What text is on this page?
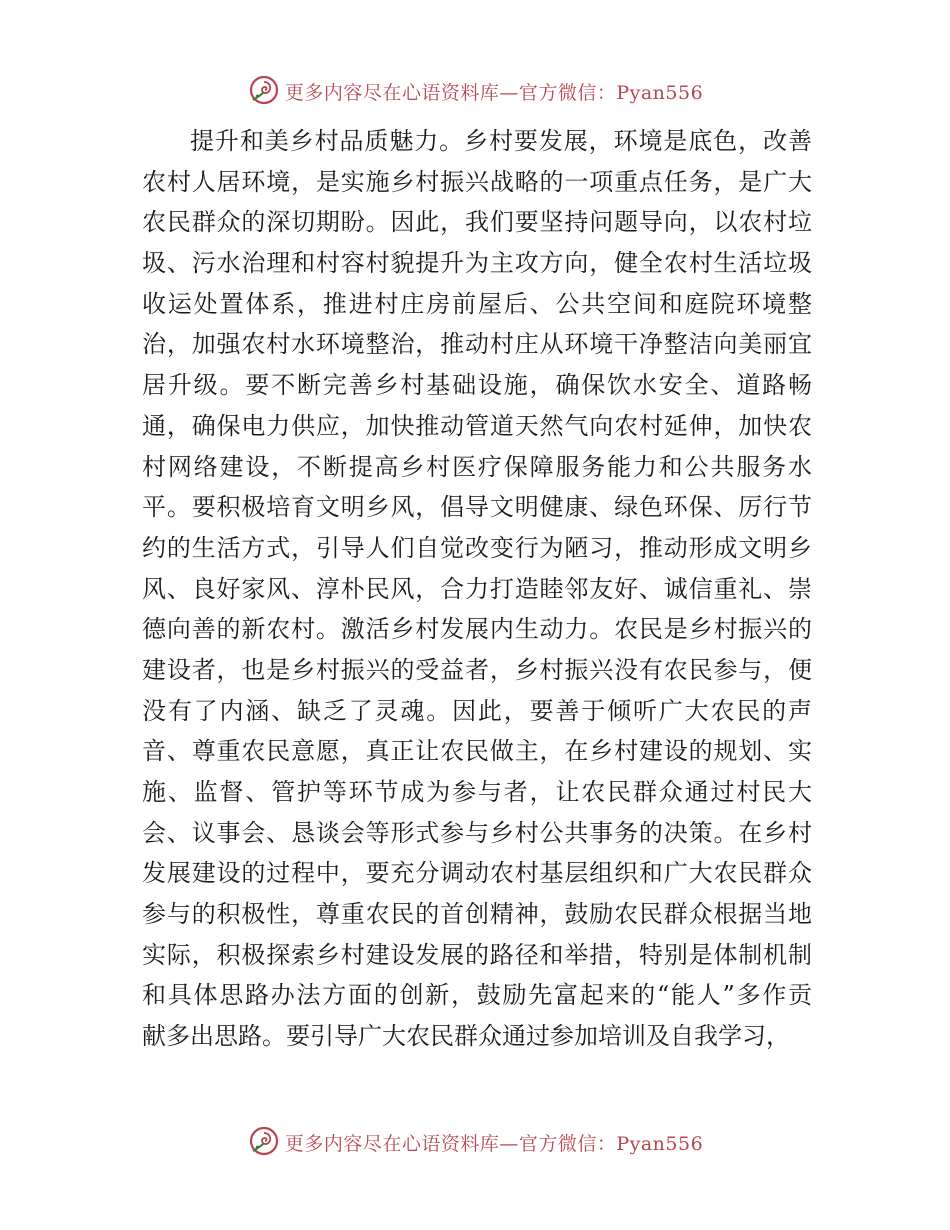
更多内容尽在心语资料库—官方微信：Pyan556
提升和美乡村品质魅力。乡村要发展，环境是底色，改善
农村人居环境，是实施乡村振兴战略的一项重点任务，是广大
农民群众的深切期盼。因此，我们要坚持问题导向，以农村垃
圾、污水治理和村容村貌提升为主攻方向，健全农村生活垃圾
收运处置体系，推进村庄房前屋后、公共空间和庭院环境整
治，加强农村水环境整治，推动村庄从环境干净整洁向美丽宜
居升级。要不断完善乡村基础设施，确保饮水安全、道路畅
通，确保电力供应，加快推动管道天然气向农村延伸，加快农
村网络建设，不断提高乡村医疗保障服务能力和公共服务水
平。要积极培育文明乡风，倡导文明健康、绿色环保、厉行节
约的生活方式，引导人们自觉改变行为陋习，推动形成文明乡
风、良好家风、淳朴民风，合力打造睦邻友好、诚信重礼、崇
德向善的新农村。激活乡村发展内生动力。农民是乡村振兴的
建设者，也是乡村振兴的受益者，乡村振兴没有农民参与，便
没有了内涵、缺乏了灵魂。因此，要善于倾听广大农民的声
音、尊重农民意愿，真正让农民做主，在乡村建设的规划、实
施、监督、管护等环节成为参与者，让农民群众通过村民大
会、议事会、恳谈会等形式参与乡村公共事务的决策。在乡村
发展建设的过程中，要充分调动农村基层组织和广大农民群众
参与的积极性，尊重农民的首创精神，鼓励农民群众根据当地
实际，积极探索乡村建设发展的路径和举措，特别是体制机制
和具体思路办法方面的创新，鼓励先富起来的“能人”多作贡
献多出思路。要引导广大农民群众通过参加培训及自我学习，
更多内容尽在心语资料库—官方微信：Pyan556
